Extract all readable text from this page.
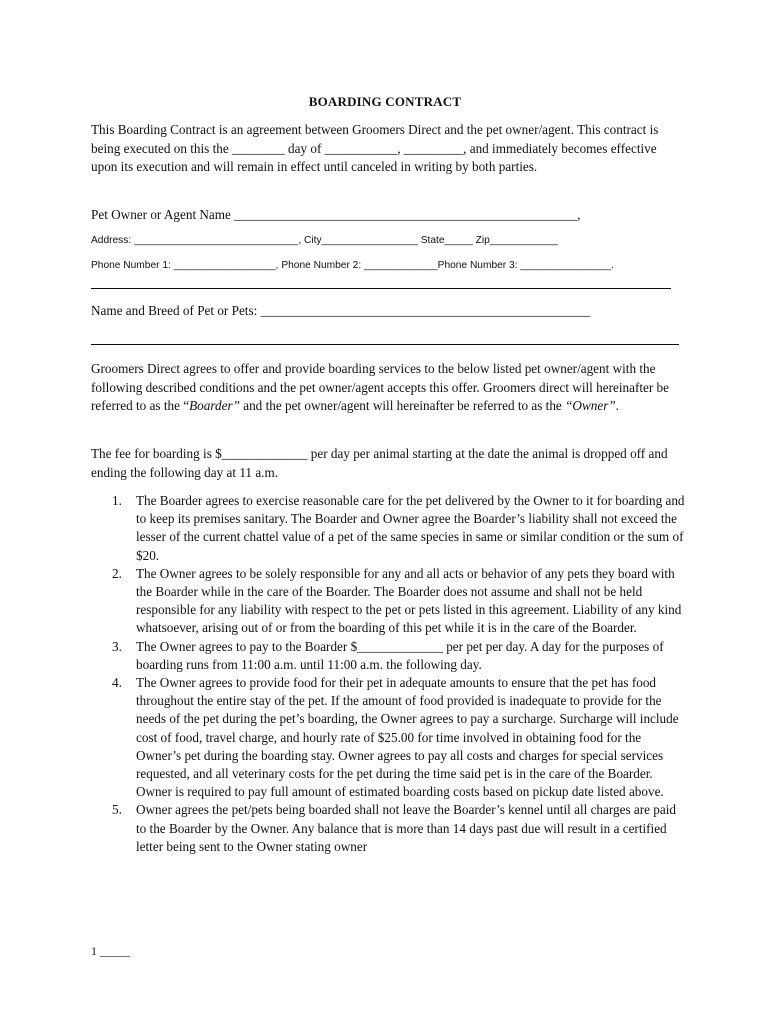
BOARDING CONTRACT
This Boarding Contract is an agreement between Groomers Direct and the pet owner/agent. This contract is being executed on this the ________ day of ___________, _________, and immediately becomes effective upon its execution and will remain in effect until canceled in writing by both parties.
Pet Owner or Agent Name ____________________________________________________,
Address: _____________________________, City_________________ State_____ Zip____________
Phone Number 1: __________________, Phone Number 2: _____________Phone Number 3: ________________.
Name and Breed of Pet or Pets: __________________________________________________
Groomers Direct agrees to offer and provide boarding services to the below listed pet owner/agent with the following described conditions and the pet owner/agent accepts this offer. Groomers direct will hereinafter be referred to as the “Boarder” and the pet owner/agent will hereinafter be referred to as the “Owner”.
The fee for boarding is $_____________ per day per animal starting at the date the animal is dropped off and ending the following day at 11 a.m.
1. The Boarder agrees to exercise reasonable care for the pet delivered by the Owner to it for boarding and to keep its premises sanitary. The Boarder and Owner agree the Boarder’s liability shall not exceed the lesser of the current chattel value of a pet of the same species in same or similar condition or the sum of $20.
2. The Owner agrees to be solely responsible for any and all acts or behavior of any pets they board with the Boarder while in the care of the Boarder. The Boarder does not assume and shall not be held responsible for any liability with respect to the pet or pets listed in this agreement. Liability of any kind whatsoever, arising out of or from the boarding of this pet while it is in the care of the Boarder.
3. The Owner agrees to pay to the Boarder $_____________ per pet per day. A day for the purposes of boarding runs from 11:00 a.m. until 11:00 a.m. the following day.
4. The Owner agrees to provide food for their pet in adequate amounts to ensure that the pet has food throughout the entire stay of the pet. If the amount of food provided is inadequate to provide for the needs of the pet during the pet’s boarding, the Owner agrees to pay a surcharge. Surcharge will include cost of food, travel charge, and hourly rate of $25.00 for time involved in obtaining food for the Owner’s pet during the boarding stay. Owner agrees to pay all costs and charges for special services requested, and all veterinary costs for the pet during the time said pet is in the care of the Boarder. Owner is required to pay full amount of estimated boarding costs based on pickup date listed above.
5. Owner agrees the pet/pets being boarded shall not leave the Boarder’s kennel until all charges are paid to the Boarder by the Owner. Any balance that is more than 14 days past due will result in a certified letter being sent to the Owner stating owner
1 _____
